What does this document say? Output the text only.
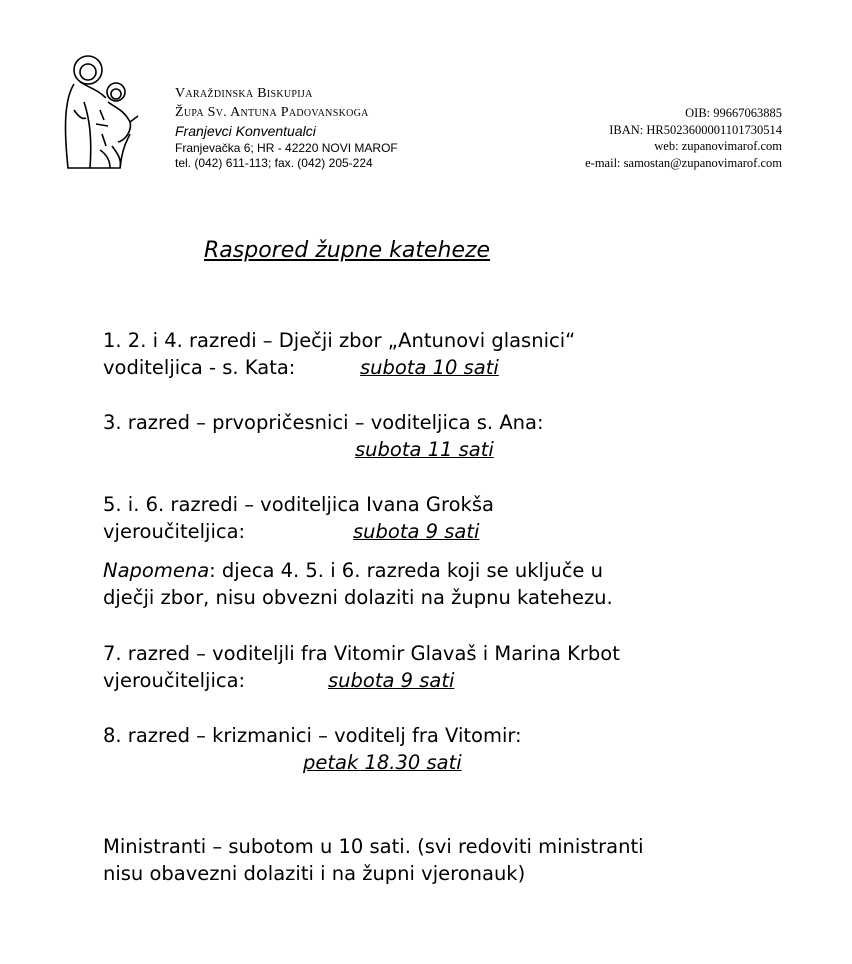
Varaždinska Biskupija
Župa Sv. Antuna Padovanskoga
Franjevci Konventualci
Franjevačka 6; HR - 42220 NOVI MAROF
tel. (042) 611-113; fax. (042) 205-224
OIB: 99667063885
IBAN: HR5023600001101730514
web: zupanovimarof.com
e-mail: samostan@zupanovimarof.com
Raspored župne kateheze
1. 2. i 4. razredi – Dječji zbor „Antunovi glasnici“
voditeljica - s. Kata:	subota 10 sati
3. razred – prvopričesnici – voditeljica s. Ana:
subota 11 sati
5. i. 6. razredi – voditeljica Ivana Grokša
vjeroučiteljica:	subota 9 sati
Napomena: djeca 4. 5. i 6. razreda koji se uključe u
dječji zbor, nisu obvezni dolaziti na župnu katehezu.
7. razred – voditeljli fra Vitomir Glavaš i Marina Krbot
vjeroučiteljica:	subota 9 sati
8. razred – krizmanici – voditelj fra Vitomir:
petak 18.30 sati
Ministranti – subotom u 10 sati. (svi redoviti ministranti
nisu obavezni dolaziti i na župni vjeronauk)
